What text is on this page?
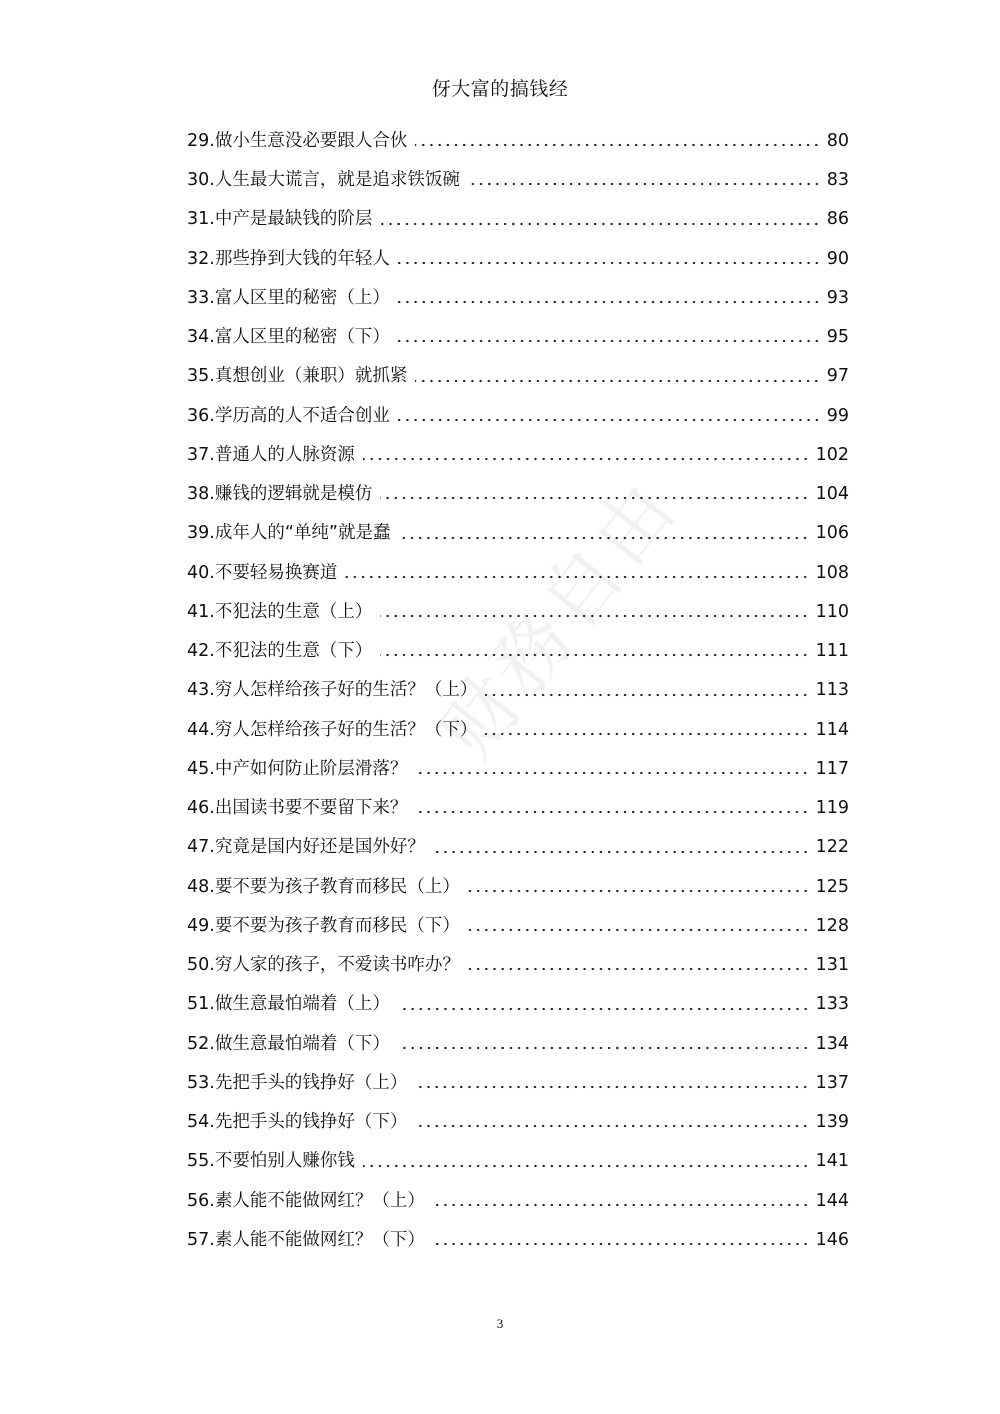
伢大富的搞钱经
29.做小生意没必要跟人合伙	80
30.人生最大谎言，就是追求铁饭碗	83
31.中产是最缺钱的阶层	86
32.那些挣到大钱的年轻人	90
33.富人区里的秘密（上）	93
34.富人区里的秘密（下）	95
35.真想创业（兼职）就抓紧	97
36.学历高的人不适合创业	99
37.普通人的人脉资源	102
38.赚钱的逻辑就是模仿	104
39.成年人的“单纯”就是蠢	106
40.不要轻易换赛道	108
41.不犯法的生意（上）	110
42.不犯法的生意（下）	111
43.穷人怎样给孩子好的生活？（上）	113
44.穷人怎样给孩子好的生活？（下）	114
45.中产如何防止阶层滑落？	117
46.出国读书要不要留下来？	119
47.究竟是国内好还是国外好？	122
48.要不要为孩子教育而移民（上）	125
49.要不要为孩子教育而移民（下）	128
50.穷人家的孩子，不爱读书咋办？	131
51.做生意最怕端着（上）	133
52.做生意最怕端着（下）	134
53.先把手头的钱挣好（上）	137
54.先把手头的钱挣好（下）	139
55.不要怕别人赚你钱	141
56.素人能不能做网红？（上）	144
57.素人能不能做网红？（下）	146
财務自由
3
